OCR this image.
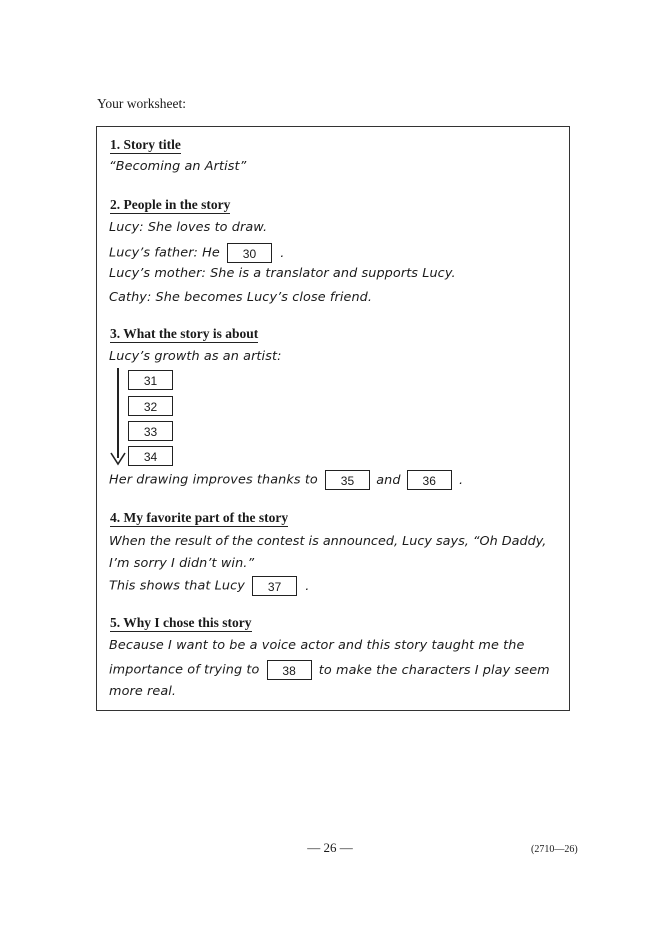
Your worksheet:
1. Story title
“Becoming an Artist”
2. People in the story
Lucy: She loves to draw.
Lucy’s father: He 30 .
Lucy’s mother: She is a translator and supports Lucy.
Cathy: She becomes Lucy’s close friend.
3. What the story is about
Lucy’s growth as an artist:
31
32
33
34
Her drawing improves thanks to 35 and 36 .
4. My favorite part of the story
When the result of the contest is announced, Lucy says, “Oh Daddy,
I’m sorry I didn’t win.”
This shows that Lucy 37 .
5. Why I chose this story
Because I want to be a voice actor and this story taught me the
importance of trying to 38 to make the characters I play seem
more real.
— 26 —	(2710—26)
